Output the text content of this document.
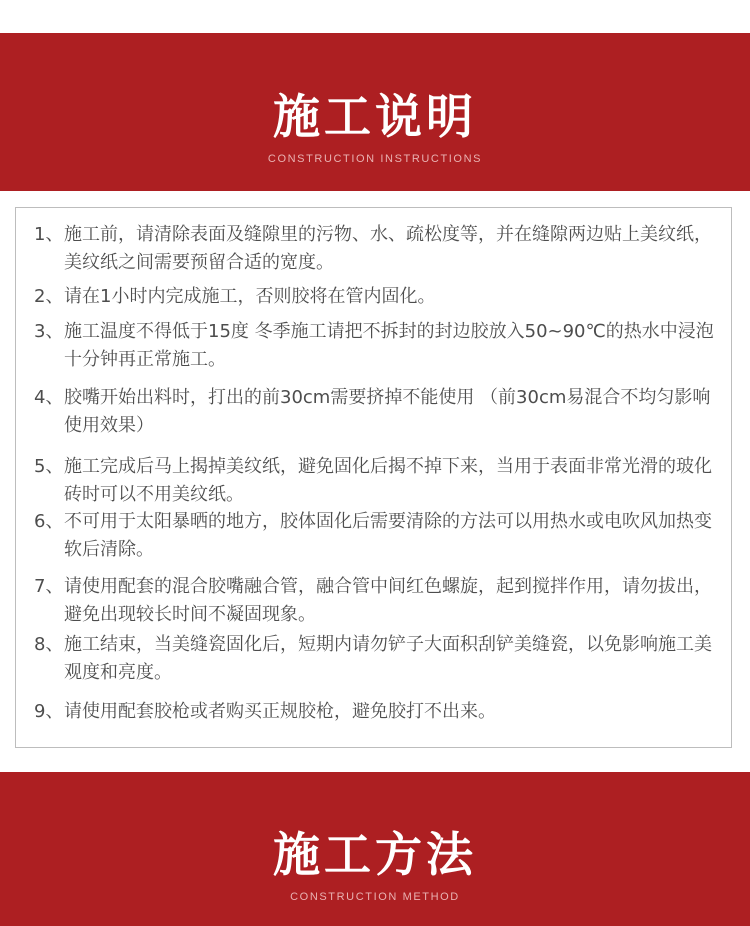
施工说明
CONSTRUCTION INSTRUCTIONS
1、施工前，请清除表面及缝隙里的污物、水、疏松度等，并在缝隙两边贴上美纹纸，美纹纸之间需要预留合适的宽度。
2、请在1小时内完成施工，否则胶将在管内固化。
3、施工温度不得低于15度 冬季施工请把不拆封的封边胶放入50~90℃的热水中浸泡十分钟再正常施工。
4、胶嘴开始出料时，打出的前30cm需要挤掉不能使用 （前30cm易混合不均匀影响使用效果）
5、施工完成后马上揭掉美纹纸，避免固化后揭不掉下来，当用于表面非常光滑的玻化砖时可以不用美纹纸。
6、不可用于太阳暴晒的地方，胶体固化后需要清除的方法可以用热水或电吹风加热变软后清除。
7、请使用配套的混合胶嘴融合管，融合管中间红色螺旋，起到搅拌作用，请勿拔出，避免出现较长时间不凝固现象。
8、施工结束，当美缝瓷固化后，短期内请勿铲子大面积刮铲美缝瓷，以免影响施工美观度和亮度。
9、请使用配套胶枪或者购买正规胶枪，避免胶打不出来。
施工方法
CONSTRUCTION METHOD
